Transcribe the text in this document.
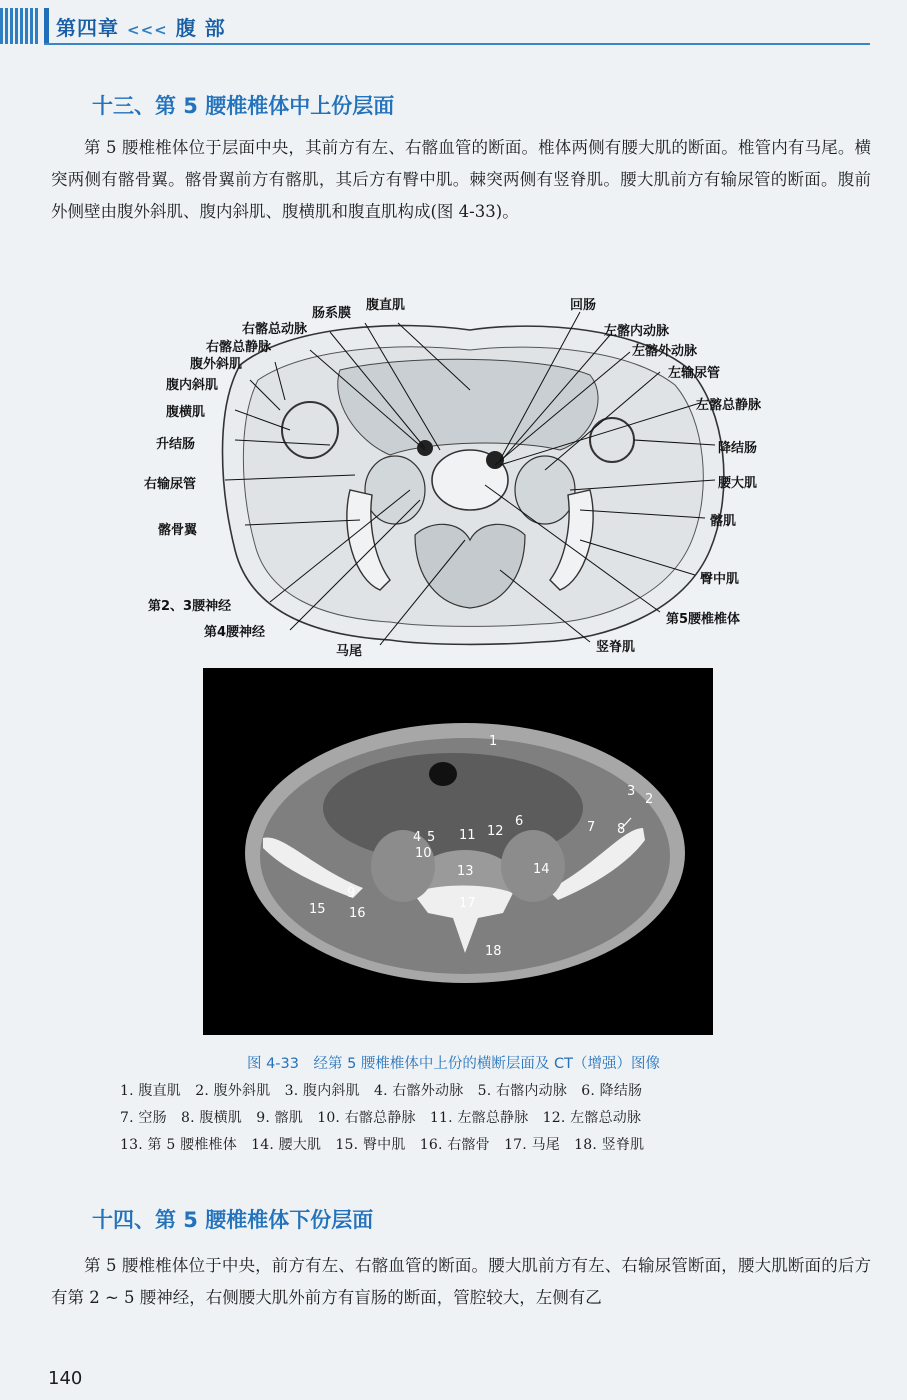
第四章 <<< 腹 部
十三、第 5 腰椎椎体中上份层面

第 5 腰椎椎体位于层面中央，其前方有左、右髂血管的断面。椎体两侧有腰大肌的断面。椎管内有马尾。横突两侧有髂骨翼。髂骨翼前方有髂肌，其后方有臀中肌。棘突两侧有竖脊肌。腰大肌前方有输尿管的断面。腹前外侧壁由腹外斜肌、腹内斜肌、腹横肌和腹直肌构成(图 4-33)。

肠系膜
腹直肌	回肠
右髂总动脉
右髂总静脉
腹外斜肌
腹内斜肌
腹横肌
升结肠
右输尿管
髂骨翼
第2、3腰神经
第4腰神经
马尾
左髂内动脉
左髂外动脉
左输尿管
左髂总静脉
降结肠
腰大肌
髂肌
臀中肌
第5腰椎椎体
竖脊肌
1
2
3
4 5
6	7 8
9
10
11 12
13	14
15 16
17
18
图 4-33　经第 5 腰椎椎体中上份的横断层面及 CT（增强）图像
1. 腹直肌　2. 腹外斜肌　3. 腹内斜肌　4. 右髂外动脉　5. 右髂内动脉　6. 降结肠
7. 空肠　8. 腹横肌　9. 髂肌　10. 右髂总静脉　11. 左髂总静脉　12. 左髂总动脉
13. 第 5 腰椎椎体　14. 腰大肌　15. 臀中肌　16. 右髂骨　17. 马尾　18. 竖脊肌
十四、第 5 腰椎椎体下份层面

第 5 腰椎椎体位于中央，前方有左、右髂血管的断面。腰大肌前方有左、右输尿管断面，腰大肌断面的后方有第 2 ~ 5 腰神经，右侧腰大肌外前方有盲肠的断面，管腔较大，左侧有乙

140
